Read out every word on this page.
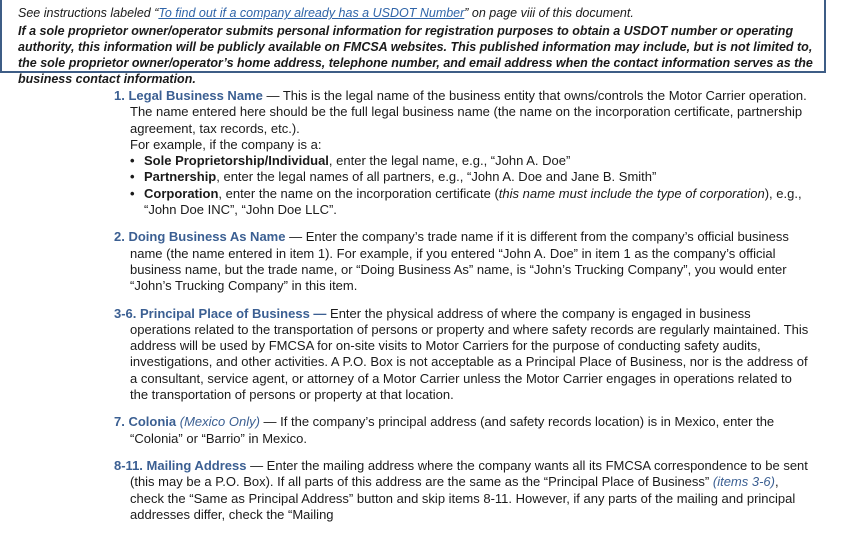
See instructions labeled “To find out if a company already has a USDOT Number” on page viii of this document.
If a sole proprietor owner/operator submits personal information for registration purposes to obtain a USDOT number or operating authority, this information will be publicly available on FMCSA websites. This published information may include, but is not limited to, the sole proprietor owner/operator’s home address, telephone number, and email address when the contact information serves as the business contact information.

1. Legal Business Name — This is the legal name of the business entity that owns/controls the Motor Carrier operation. The name entered here should be the full legal business name (the name on the incorporation certificate, partnership agreement, tax records, etc.).

For example, if the company is a:

• Sole Proprietorship/Individual, enter the legal name, e.g., “John A. Doe”
• Partnership, enter the legal names of all partners, e.g., “John A. Doe and Jane B. Smith”
• Corporation, enter the name on the incorporation certificate (this name must include the type of corporation), e.g., “John Doe INC”, “John Doe LLC”.

2. Doing Business As Name — Enter the company’s trade name if it is different from the company’s official business name (the name entered in item 1). For example, if you entered “John A. Doe” in item 1 as the company’s official business name, but the trade name, or “Doing Business As” name, is “John’s Trucking Company”, you would enter “John’s Trucking Company” in this item.

3-6. Principal Place of Business — Enter the physical address of where the company is engaged in business operations related to the transportation of persons or property and where safety records are regularly maintained. This address will be used by FMCSA for on-site visits to Motor Carriers for the purpose of conducting safety audits, investigations, and other activities. A P.O. Box is not acceptable as a Principal Place of Business, nor is the address of a consultant, service agent, or attorney of a Motor Carrier unless the Motor Carrier engages in operations related to the transportation of persons or property at that location.

7. Colonia (Mexico Only) — If the company’s principal address (and safety records location) is in Mexico, enter the “Colonia” or “Barrio” in Mexico.

8-11. Mailing Address — Enter the mailing address where the company wants all its FMCSA correspondence to be sent (this may be a P.O. Box). If all parts of this address are the same as the “Principal Place of Business” (items 3-6), check the “Same as Principal Address” button and skip items 8-11. However, if any parts of the mailing and principal addresses differ, check the “Mailing
